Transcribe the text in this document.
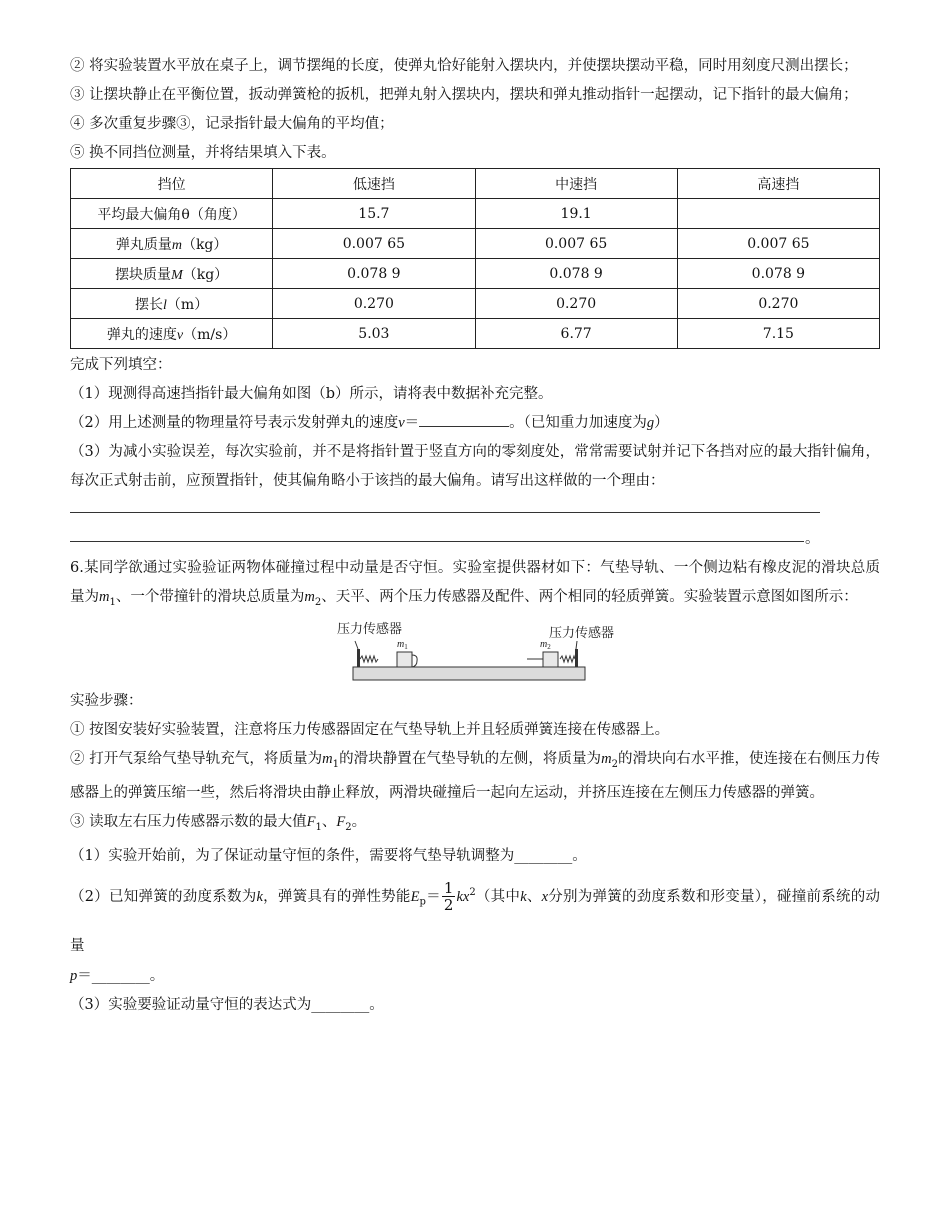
② 将实验装置水平放在桌子上，调节摆绳的长度，使弹丸恰好能射入摆块内，并使摆块摆动平稳，同时用刻度尺测出摆长；

③ 让摆块静止在平衡位置，扳动弹簧枪的扳机，把弹丸射入摆块内，摆块和弹丸推动指针一起摆动，记下指针的最大偏角；

④ 多次重复步骤③，记录指针最大偏角的平均值；

⑤ 换不同挡位测量，并将结果填入下表。

挡位	低速挡	中速挡	高速挡
平均最大偏角θ（角度）	15.7	19.1	
弹丸质量m（kg）	0.007 65	0.007 65	0.007 65
摆块质量M（kg）	0.078 9	0.078 9	0.078 9
摆长l（m）	0.270	0.270	0.270
弹丸的速度v（m/s）	5.03	6.77	7.15

完成下列填空：

（1）现测得高速挡指针最大偏角如图（b）所示，请将表中数据补充完整。

（2）用上述测量的物理量符号表示发射弹丸的速度v＝	。（已知重力加速度为g）

（3）为减小实验误差，每次实验前，并不是将指针置于竖直方向的零刻度处，常常需要试射并记下各挡对应的最大指针偏角，每次正式射击前，应预置指针，使其偏角略小于该挡的最大偏角。请写出这样做的一个理由：

。

6.某同学欲通过实验验证两物体碰撞过程中动量是否守恒。实验室提供器材如下：气垫导轨、一个侧边粘有橡皮泥的滑块总质量为$m_1$、一个带撞针的滑块总质量为$m_2$、天平、两个压力传感器及配件、两个相同的轻质弹簧。实验装置示意图如图所示：

压力传感器	压力传感器
$m_1$	$m_2$

实验步骤：

① 按图安装好实验装置，注意将压力传感器固定在气垫导轨上并且轻质弹簧连接在传感器上。

② 打开气泵给气垫导轨充气，将质量为$m_1$的滑块静置在气垫导轨的左侧，将质量为$m_2$的滑块向右水平推，使连接在右侧压力传感器上的弹簧压缩一些，然后将滑块由静止释放，两滑块碰撞后一起向左运动，并挤压连接在左侧压力传感器的弹簧。

③ 读取左右压力传感器示数的最大值$F_1$、$F_2$。

（1）实验开始前，为了保证动量守恒的条件，需要将气垫导轨调整为________。

（2）已知弹簧的劲度系数为k，弹簧具有的弹性势能$E_p= \frac{1}{2} kx^2$（其中k、x分别为弹簧的劲度系数和形变量），碰撞前系统的动量

p＝________。

（3）实验要验证动量守恒的表达式为________。
